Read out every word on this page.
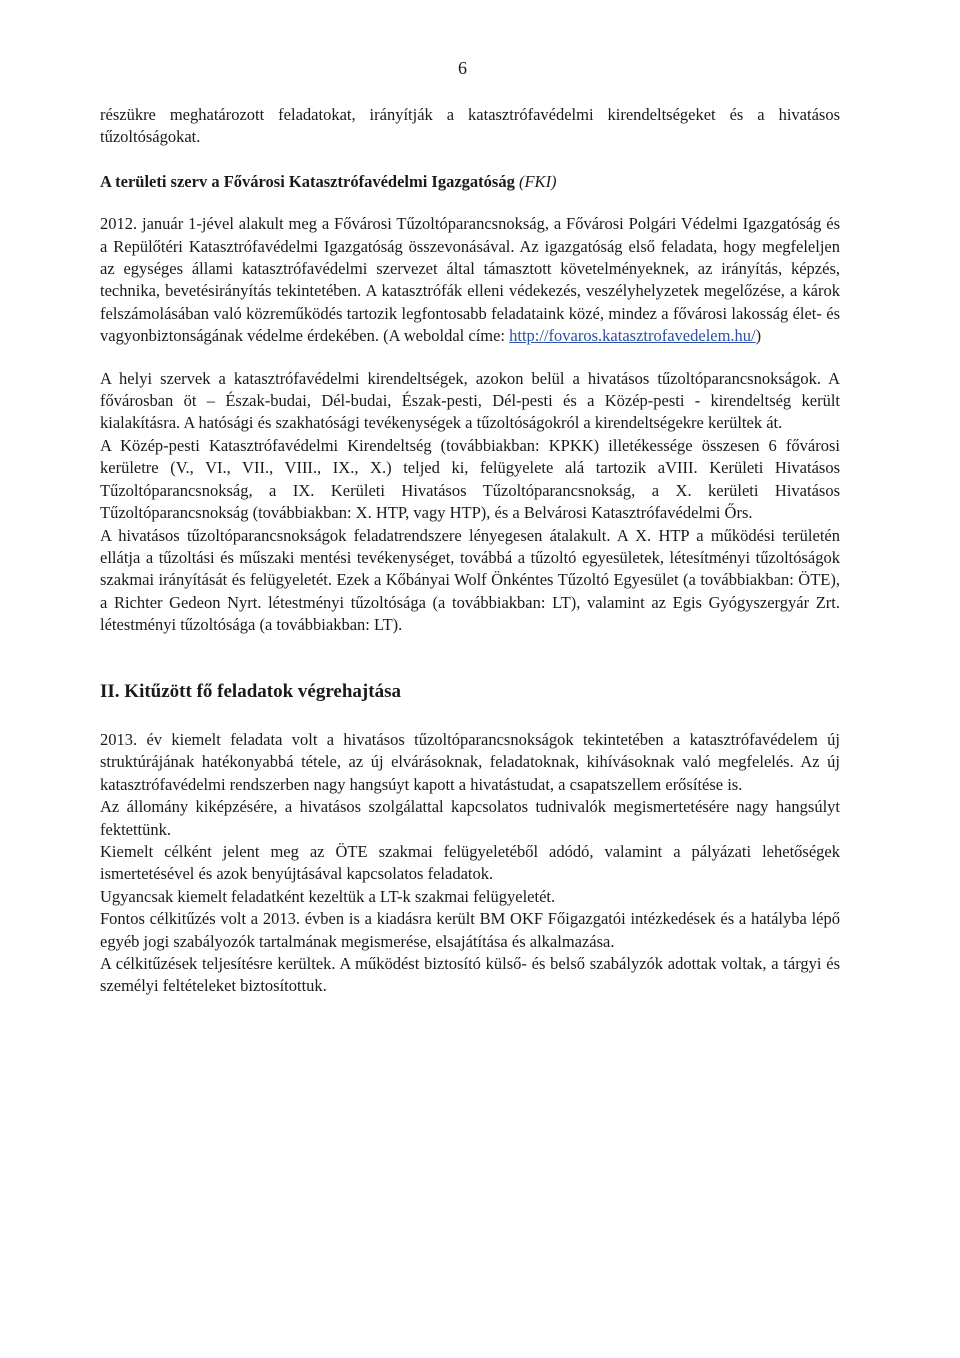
6

részükre meghatározott feladatokat, irányítják a katasztrófavédelmi kirendeltségeket és a hivatásos tűzoltóságokat.

A területi szerv a Fővárosi Katasztrófavédelmi Igazgatóság (FKI)

2012. január 1-jével alakult meg a Fővárosi Tűzoltóparancsnokság, a Fővárosi Polgári Védelmi Igazgatóság és a Repülőtéri Katasztrófavédelmi Igazgatóság összevonásával. Az igazgatóság első feladata, hogy megfeleljen az egységes állami katasztrófavédelmi szervezet által támasztott követelményeknek, az irányítás, képzés, technika, bevetésirányítás tekintetében. A katasztrófák elleni védekezés, veszélyhelyzetek megelőzése, a károk felszámolásában való közreműködés tartozik legfontosabb feladataink közé, mindez a fővárosi lakosság élet- és vagyonbiztonságának védelme érdekében. (A weboldal címe: http://fovaros.katasztrofavedelem.hu/)

A helyi szervek a katasztrófavédelmi kirendeltségek, azokon belül a hivatásos tűzoltóparancsnokságok. A fővárosban öt – Észak-budai, Dél-budai, Észak-pesti, Dél-pesti és a Közép-pesti - kirendeltség került kialakításra. A hatósági és szakhatósági tevékenységek a tűzoltóságokról a kirendeltségekre kerültek át.

A Közép-pesti Katasztrófavédelmi Kirendeltség (továbbiakban: KPKK) illetékessége összesen 6 fővárosi kerületre (V., VI., VII., VIII., IX., X.) teljed ki, felügyelete alá tartozik aVIII. Kerületi Hivatásos Tűzoltóparancsnokság, a IX. Kerületi Hivatásos Tűzoltóparancsnokság, a X. kerületi Hivatásos Tűzoltóparancsnokság (továbbiakban: X. HTP, vagy HTP), és a Belvárosi Katasztrófavédelmi Őrs.

A hivatásos tűzoltóparancsnokságok feladatrendszere lényegesen átalakult. A X. HTP a működési területén ellátja a tűzoltási és műszaki mentési tevékenységet, továbbá a tűzoltó egyesületek, létesítményi tűzoltóságok szakmai irányítását és felügyeletét. Ezek a Kőbányai Wolf Önkéntes Tűzoltó Egyesület (a továbbiakban: ÖTE), a Richter Gedeon Nyrt. létestményi tűzoltósága (a továbbiakban: LT), valamint az Egis Gyógyszergyár Zrt. létestményi tűzoltósága (a továbbiakban: LT).

II. Kitűzött fő feladatok végrehajtása

2013. év kiemelt feladata volt a hivatásos tűzoltóparancsnokságok tekintetében a katasztrófavédelem új struktúrájának hatékonyabbá tétele, az új elvárásoknak, feladatoknak, kihívásoknak való megfelelés. Az új katasztrófavédelmi rendszerben nagy hangsúyt kapott a hivatástudat, a csapatszellem erősítése is.

Az állomány kiképzésére, a hivatásos szolgálattal kapcsolatos tudnivalók megismertetésére nagy hangsúlyt fektettünk.

Kiemelt célként jelent meg az ÖTE szakmai felügyeletéből adódó, valamint a pályázati lehetőségek ismertetésével és azok benyújtásával kapcsolatos feladatok.

Ugyancsak kiemelt feladatként kezeltük a LT-k szakmai felügyeletét.

Fontos célkitűzés volt a 2013. évben is a kiadásra került BM OKF Főigazgatói intézkedések és a hatályba lépő egyéb jogi szabályozók tartalmának megismerése, elsajátítása és alkalmazása.

A célkitűzések teljesítésre kerültek. A működést biztosító külső- és belső szabályzók adottak voltak, a tárgyi és személyi feltételeket biztosítottuk.
